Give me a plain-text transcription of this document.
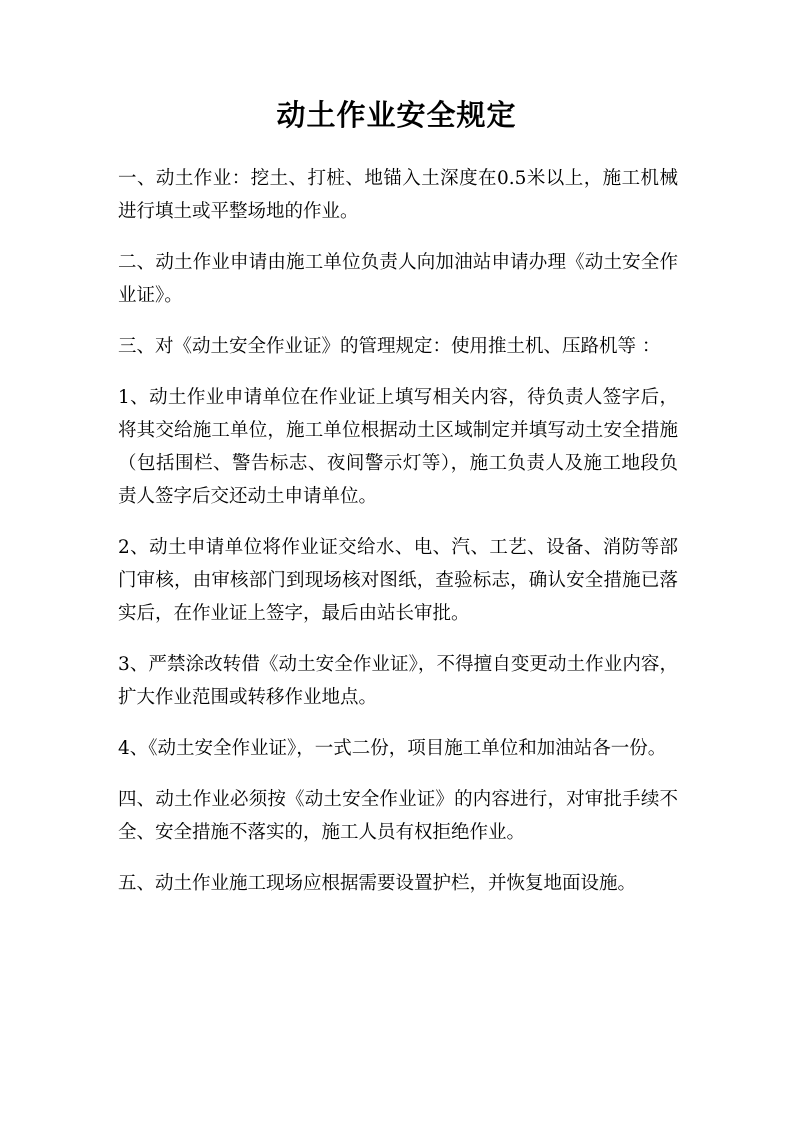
动土作业安全规定

一、动土作业：挖土、打桩、地锚入土深度在0.5米以上，施工机械进行填土或平整场地的作业。

二、动土作业申请由施工单位负责人向加油站申请办理《动土安全作业证》。

三、对《动土安全作业证》的管理规定：使用推土机、压路机等 ：

1、动土作业申请单位在作业证上填写相关内容，待负责人签字后，将其交给施工单位，施工单位根据动土区域制定并填写动土安全措施（包括围栏、警告标志、夜间警示灯等），施工负责人及施工地段负责人签字后交还动土申请单位。

2、动土申请单位将作业证交给水、电、汽、工艺、设备、消防等部门审核，由审核部门到现场核对图纸，查验标志，确认安全措施已落实后，在作业证上签字，最后由站长审批。

3、严禁涂改转借《动土安全作业证》，不得擅自变更动土作业内容，扩大作业范围或转移作业地点。

4、《动土安全作业证》，一式二份，项目施工单位和加油站各一份。

四、动土作业必须按《动土安全作业证》的内容进行，对审批手续不全、安全措施不落实的，施工人员有权拒绝作业。

五、动土作业施工现场应根据需要设置护栏，并恢复地面设施。
